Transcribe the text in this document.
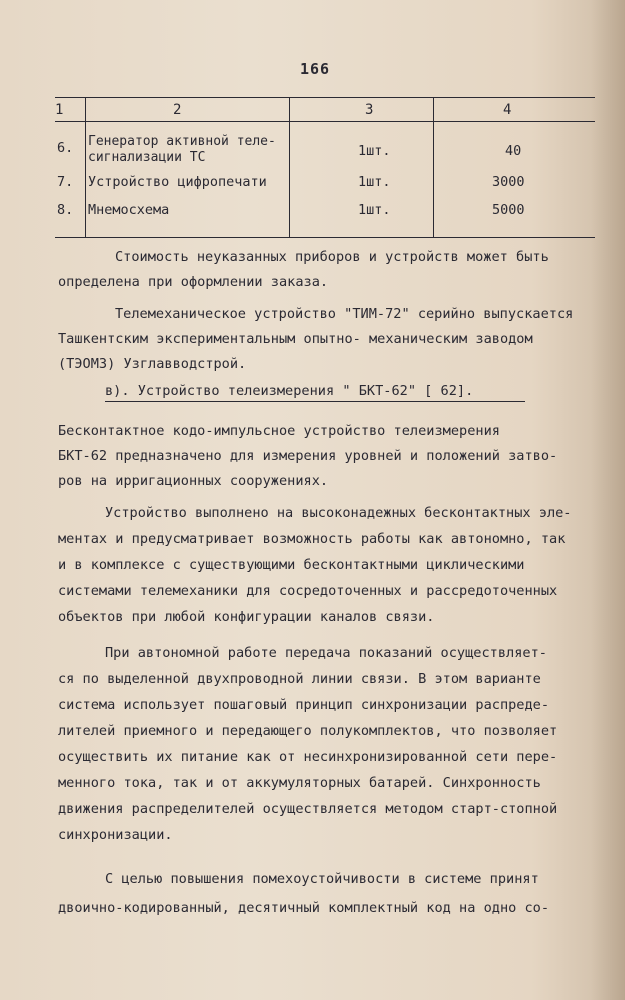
166
1	2	3	4
6. Генератор активной теле-
сигнализации ТС	1шт.	40
7. Устройство цифропечати	1шт.	3000
8. Мнемосхема	1шт.	5000
Стоимость неуказанных приборов и устройств может быть
определена при оформлении заказа.
Телемеханическое устройство "ТИМ-72" серийно выпускается
Ташкентским экспериментальным опытно- механическим заводом
(ТЭОМЗ) Узглавводстрой.
в). Устройство телеизмерения " БКТ-62" [ 62].
Бесконтактное кодо-импульсное устройство телеизмерения
БКТ-62 предназначено для измерения уровней и положений затво-
ров на ирригационных сооружениях.
Устройство выполнено на высоконадежных бесконтактных эле-
ментах и предусматривает возможность работы как автономно, так
и в комплексе с существующими бесконтактными циклическими
системами телемеханики для сосредоточенных и рассредоточенных
объектов при любой конфигурации каналов связи.
При автономной работе передача показаний осуществляет-
ся по выделенной двухпроводной линии связи. В этом варианте
система использует пошаговый принцип синхронизации распреде-
лителей приемного и передающего полукомплектов, что позволяет
осуществить их питание как от несинхронизированной сети пере-
менного тока, так и от аккумуляторных батарей. Синхронность
движения распределителей осуществляется методом старт-стопной
синхронизации.
С целью повышения помехоустойчивости в системе принят
двоично-кодированный, десятичный комплектный код на одно со-
